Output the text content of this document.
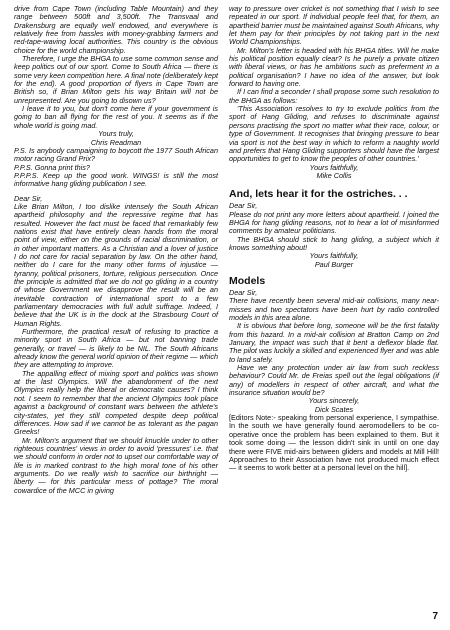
drive from Cape Town (including Table Mountain) and they range between 500ft and 3,500ft. The Transvaal and Drakensburg are equally well endowed, and everywhere is relatively free from hassles with money-grabbing farmers and red-tape-waving local authorities. This country is the obvious choice for the world championship.

Therefore, I urge the BHGA to use some common sense and keep politics out of our sport. Come to South Africa — there is some very keen competition here. A final note (deliberately kept for the end). A good proportion of flyers in Cape Town are British so, if Brian Milton gets his way Britain will not be unrepresented. Are you going to disown us?

I leave it to you, but don't come here if your government is going to ban all flying for the rest of you. It seems as if the whole world is going mad.

Yours truly,

Chris Readman

P.S. Is anybody campaigning to boycott the 1977 South African motor racing Grand Prix?

P.P.S. Gonna print this?

P.P.P.S. Keep up the good work. WINGS! is still the most informative hang gliding publication I see.

Dear Sir,

Like Brian Milton, I too dislike intensely the South African apartheid philosophy and the repressive regime that has resulted. However the fact must be faced that remarkably few nations exist that have entirely clean hands from the moral point of view, either on the grounds of racial discrimination, or in other important matters. As a Christian and a lover of justice I do not care for racial separation by law. On the other hand, neither do I care for the many other forms of injustice — tyranny, political prisoners, torture, religious persecution. Once the principle is admitted that we do not go gliding in a country of whose Government we disapprove the result will be an inevitable contraction of international sport to a few parliamentary democracies with full adult suffrage. Indeed, I believe that the UK is in the dock at the Strasbourg Court of Human Rights.

Furthermore, the practical result of refusing to practice a minority sport in South Africa — but not banning trade generally, or travel — is likely to be NIL. The South Africans already know the general world opinion of their regime — which they are attempting to improve.

The appalling effect of mixing sport and politics was shown at the last Olympics. Will the abandonment of the next Olympics really help the liberal or democratic causes? I think not. I seem to remember that the ancient Olympics took place against a background of constant wars between the athlete's city-states, yet they still competed despite deep political differences. How sad if we cannot be as tolerant as the pagan Greeks!

Mr. Milton's argument that we should knuckle under to other righteous countries' views in order to avoid 'pressures' i.e. that we should conform in order not to upset our comfortable way of life is in marked contrast to the high moral tone of his other arguments. Do we really wish to sacrifice our birthright — liberty — for this particular mess of pottage? The moral cowardice of the MCC in giving

way to pressure over cricket is not something that I wish to see repeated in our sport. If individual people feel that, for them, an apartheid barrier must be maintained against South Africans, why let them pay for their principles by not taking part in the next World Championships.

Mr. Milton's letter is headed with his BHGA titles. Will he make his political position equally clear? Is he purely a private citizen with liberal views, or has he ambitions such as preferment in a political organisation? I have no idea of the answer, but look forward to having one.

If I can find a seconder I shall propose some such resolution to the BHGA as follows:

'This Association resolves to try to exclude politics from the sport of Hang Gliding, and refuses to discriminate against persons practising the sport no matter what their race, colour, or type of Government. It recognises that bringing pressure to bear via sport is not the best way in which to reform a naughty world and prefers that Hang Gliding supporters should have the largest opportunities to get to know the peoples of other countries.'

Yours faithfully,

Mike Collis

And, lets hear it for the ostriches. . .

Dear Sir,

Please do not print any more letters about apartheid. I joined the BHGA for hang gliding reasons, not to hear a lot of misinformed comments by amateur politicians.

The BHGA should stick to hang gliding, a subject which it knows something about!

Yours faithfully,

Paul Burger

Models

Dear Sir,

There have recently been several mid-air collisions, many near-misses and two spectators have been hurt by radio controlled models in this area alone.

It is obvious that before long, someone will be the first fatality from this hazard. In a mid-air collision at Bratton Camp on 2nd January, the impact was such that it bent a deflexor blade flat. The pilot was luckily a skilled and experienced flyer and was able to land safely.

Have we any protection under air law from such reckless behaviour? Could Mr. de Freias spell out the legal obligations (if any) of modellers in respect of other aircraft, and what the insurance situation would be?

Yours sincerely,

Dick Scates

[Editors Note:- speaking from personal experience, I sympathise. In the south we have generally found aeromodellers to be co-operative once the problem has been explained to them. But it took some doing — the lesson didn't sink in until on one day there were FIVE mid-airs between gliders and models at Mill Hill! Approaches to their Association have not produced much effect — it seems to work better at a personal level on the hill].

7
